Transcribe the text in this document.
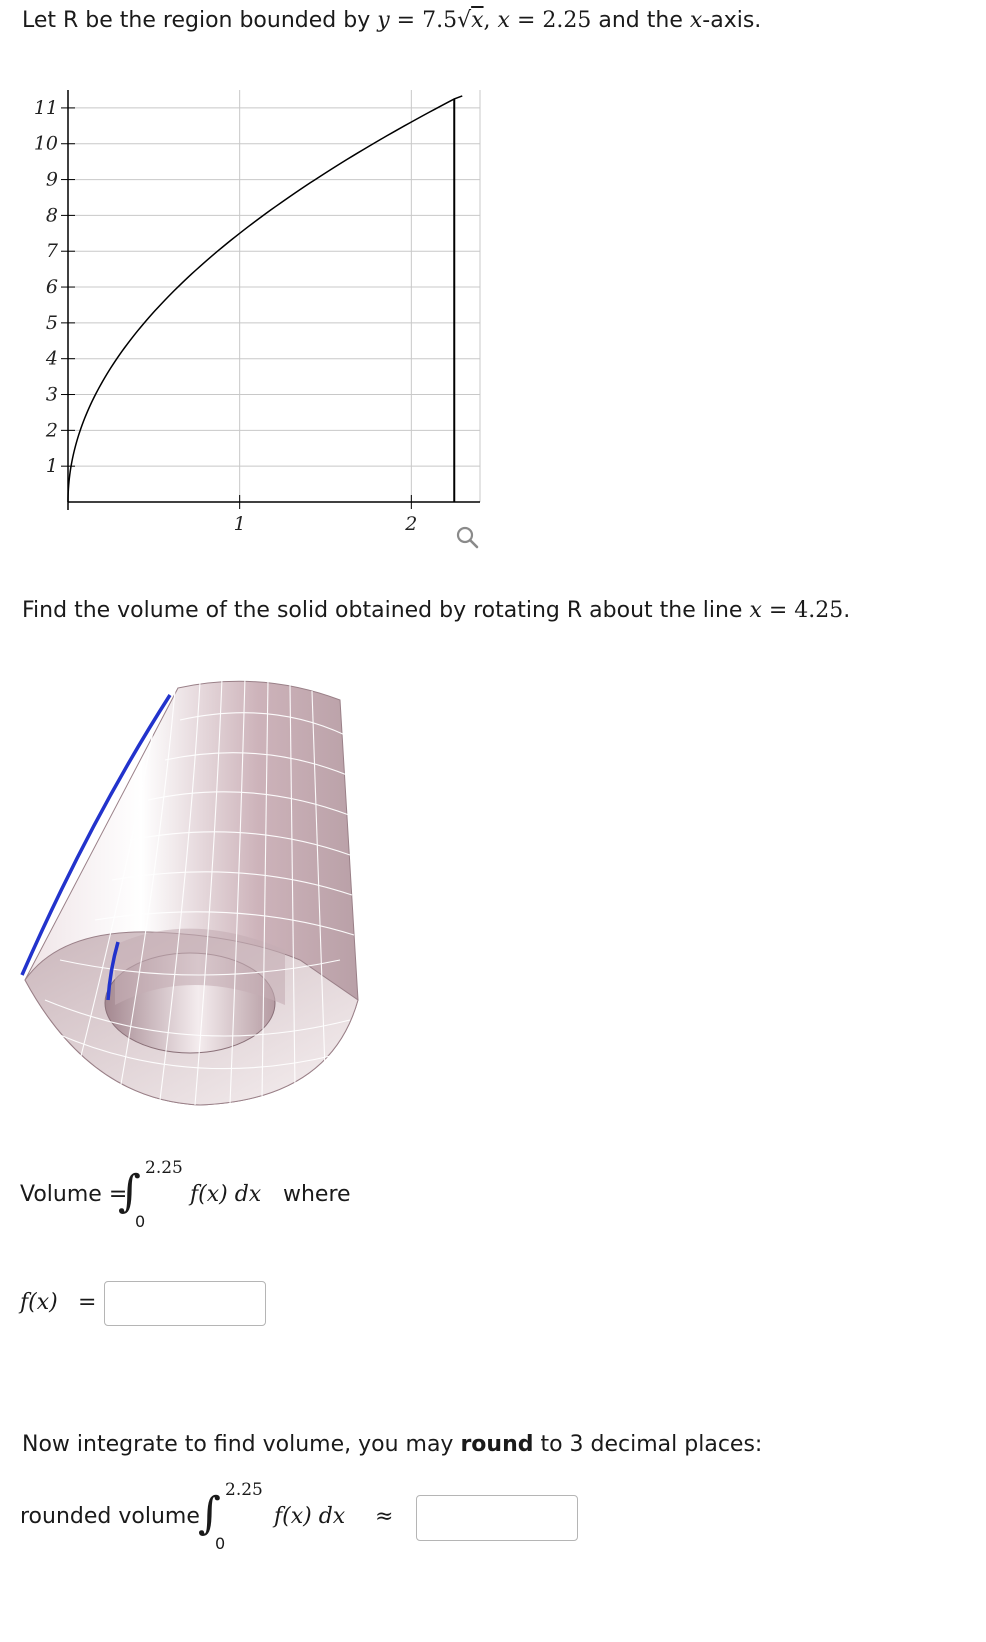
Let R be the region bounded by y = 7.5√x, x = 2.25 and the x-axis.
11
10
9
8
7
6
5
4
3
2
1
1	2
Find the volume of the solid obtained by rotating R about the line x = 4.25.
Volume =
∫ 2.25
0
f(x) dx where
f(x) =
Now integrate to find volume, you may round to 3 decimal places:
rounded volume
∫ 2.25
0
f(x) dx ≈
